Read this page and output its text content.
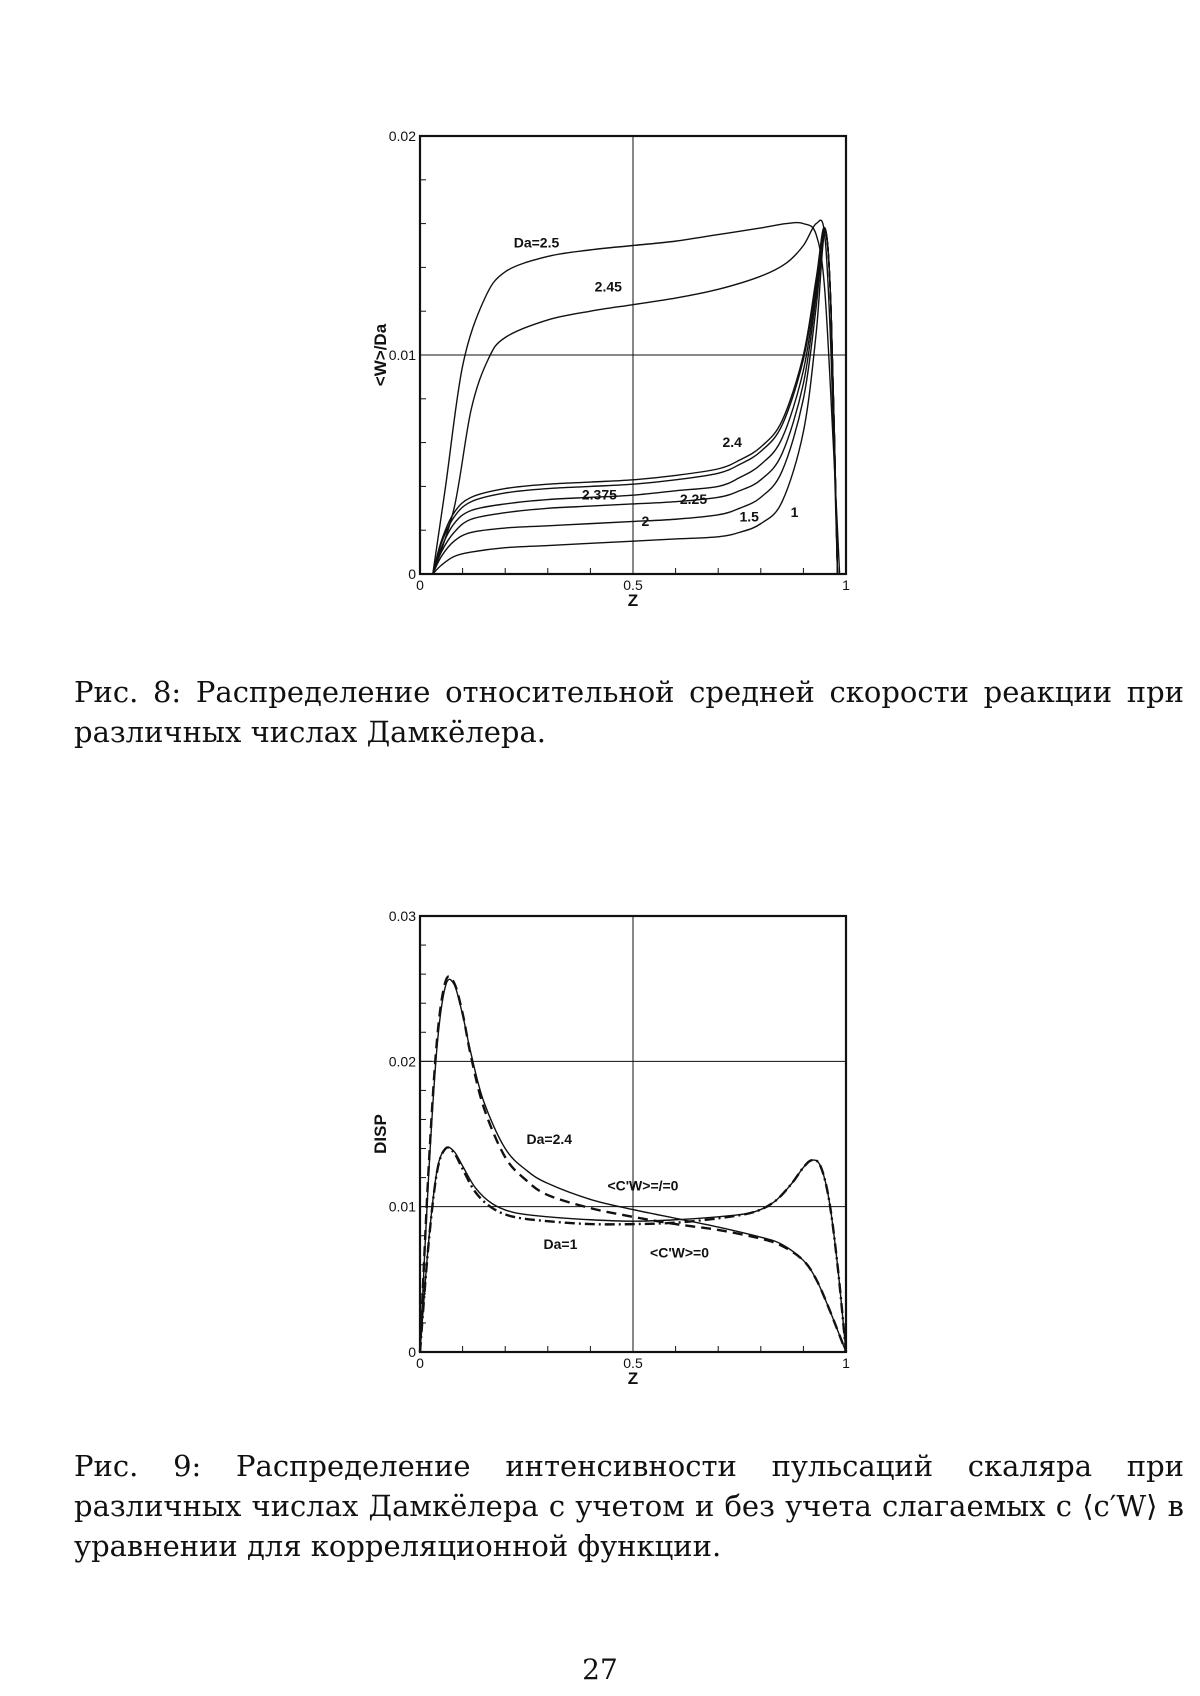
0	0.5	1
0
0.01
0.02
Z
<W>/Da
Da=2.5
2.45
2.4
2.375	2.25
2	1.5 1
Рис. 8: Распределение относительной средней скорости реакции при различных числах Дамкёлера.
0	0.5	1
0
0.01
0.02
0.03
Z
DISP	Da=2.4
<C'W>=/=0
Da=1
<C'W>=0
Рис. 9: Распределение интенсивности пульсаций скаляра при различных числах Дамкёлера с учетом и без учета слагаемых с ⟨c′W⟩ в уравнении для корреляционной функции.
27
